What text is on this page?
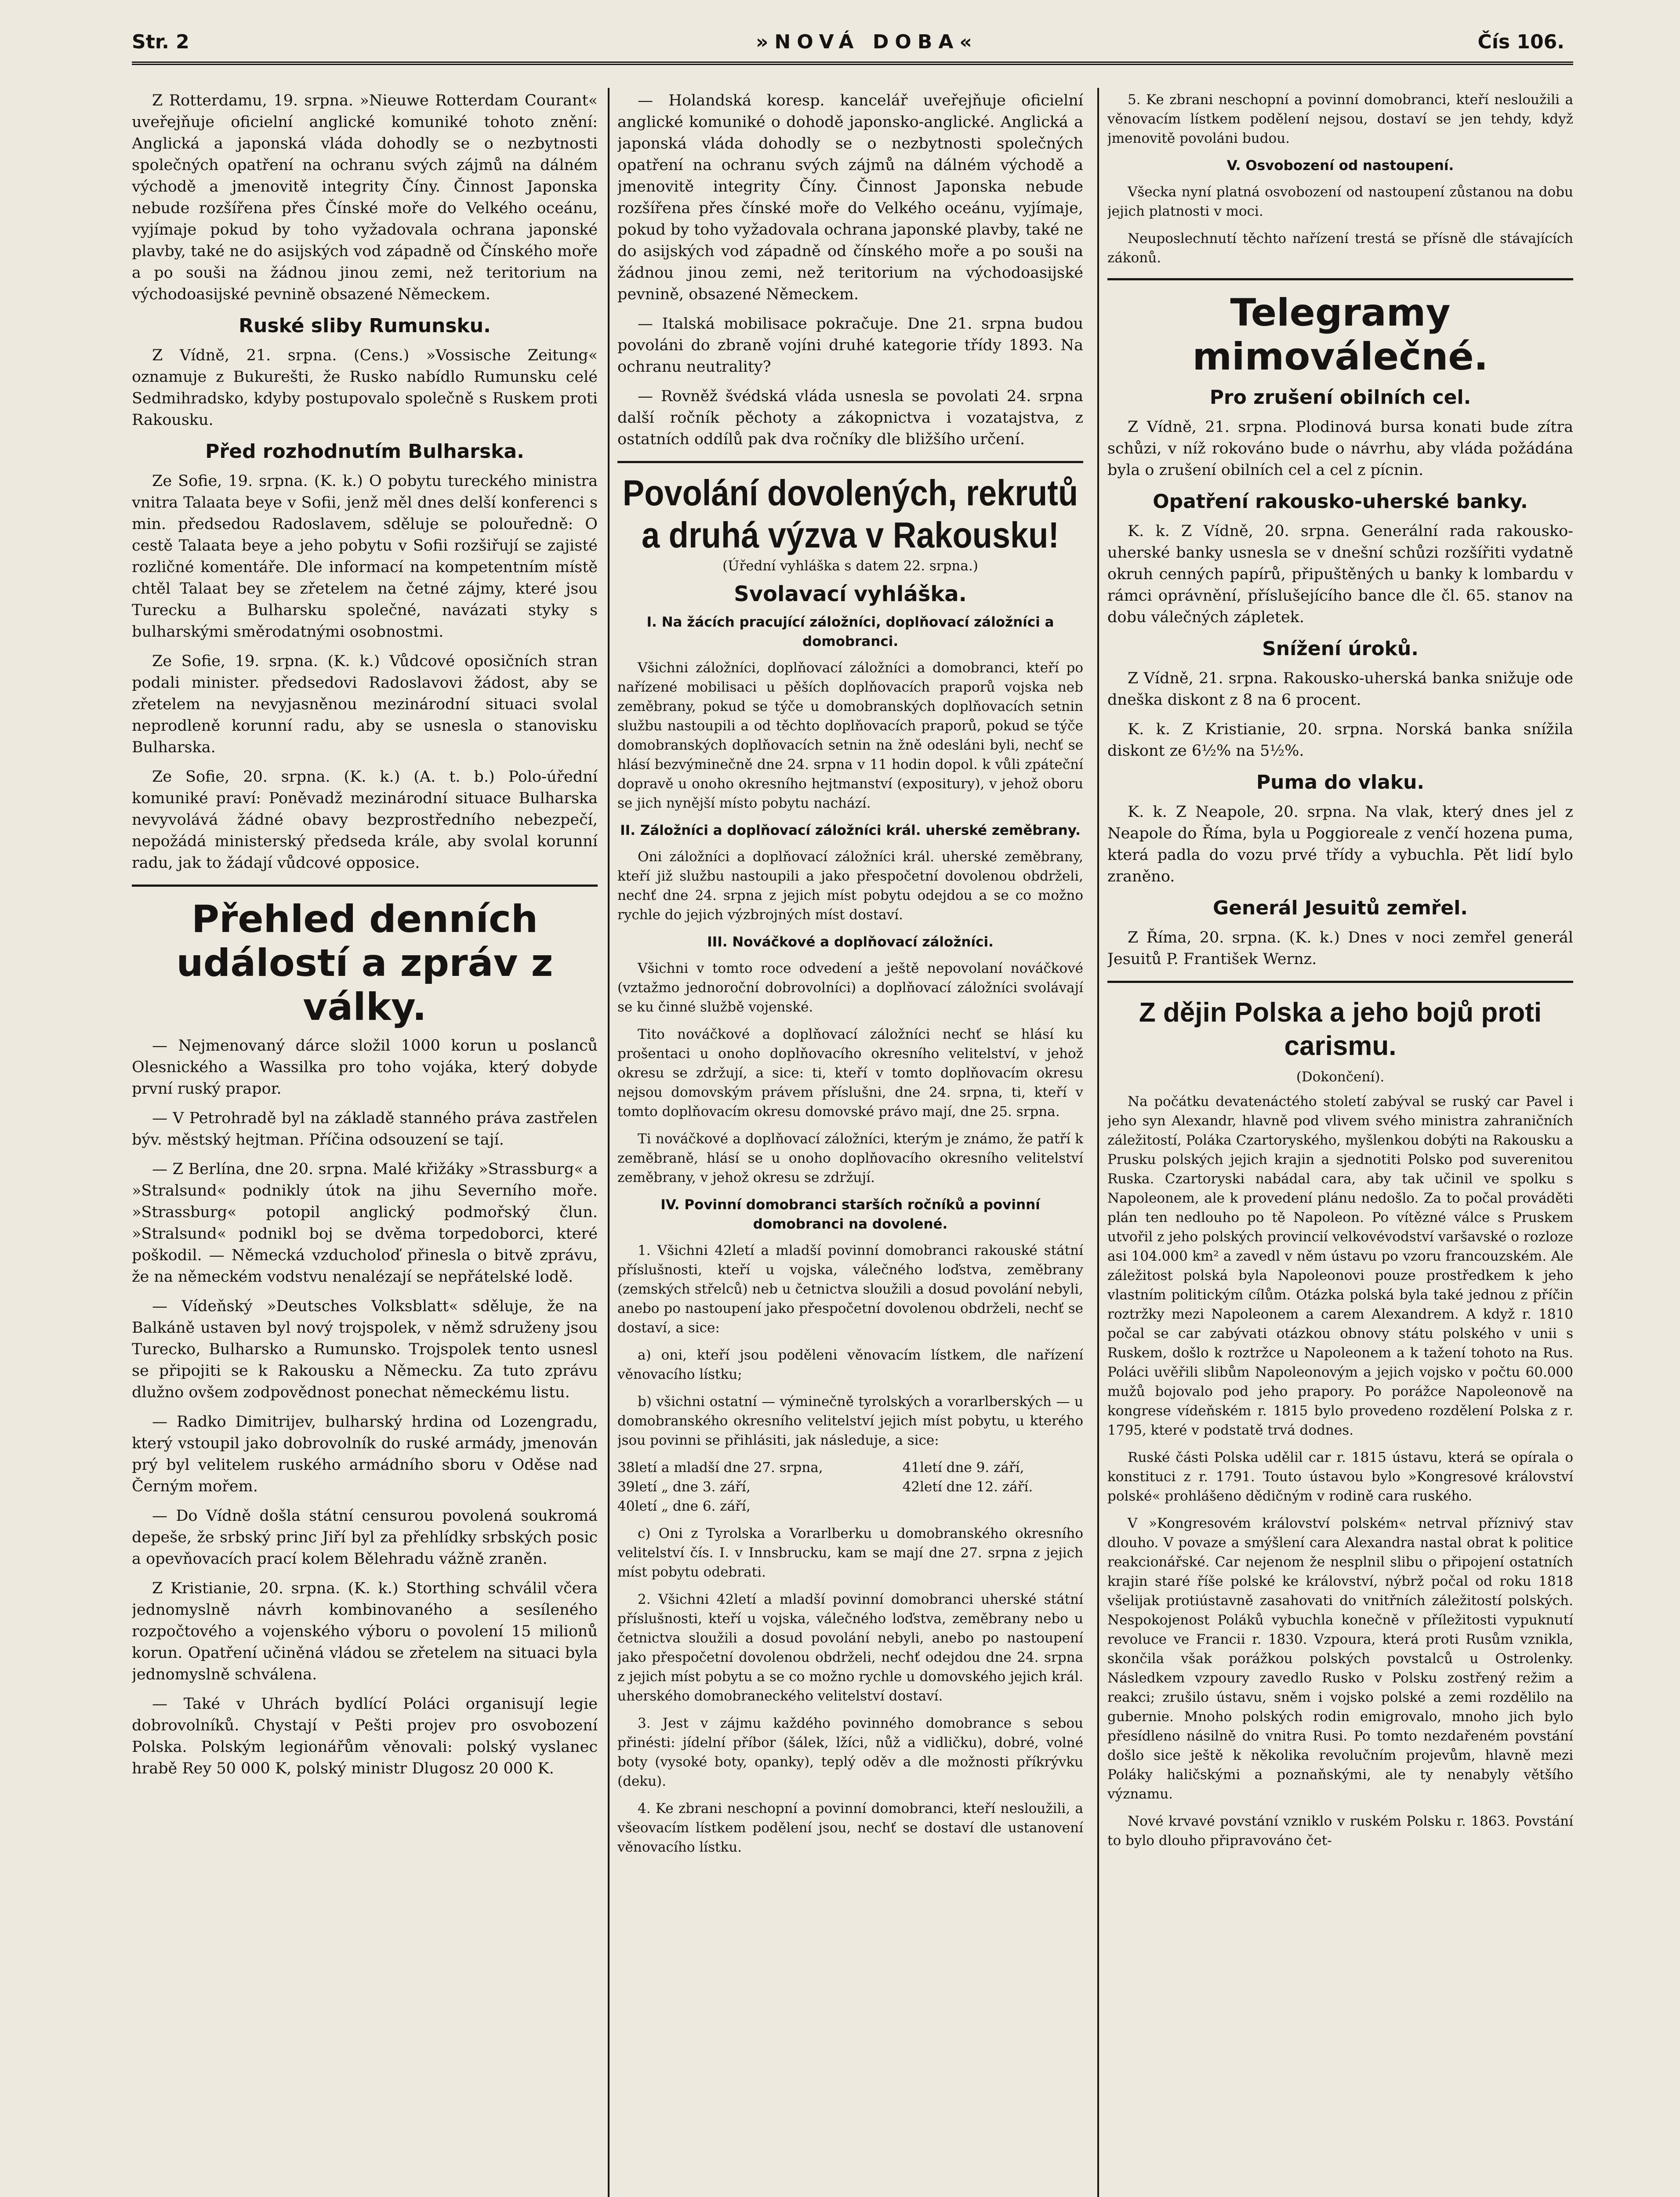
Str. 2	»NOVÁ DOBA«	Čís 106.

Z Rotterdamu, 19. srpna. »Nieuwe Rotterdam Courant« uveřejňuje oficielní anglické komuniké tohoto znění: Anglická a japonská vláda dohodly se o nezbytnosti společných opatření na ochranu svých zájmů na dálném východě a jmenovitě integrity Číny. Činnost Japonska nebude rozšířena přes Čínské moře do Velkého oceánu, vyjímaje pokud by toho vyžadovala ochrana japonské plavby, také ne do asijských vod západně od Čínského moře a po souši na žádnou jinou zemi, než teritorium na východoasijské pevnině obsazené Německem.

Ruské sliby Rumunsku.

Z Vídně, 21. srpna. (Cens.) »Vossische Zeitung« oznamuje z Bukurešti, že Rusko nabídlo Rumunsku celé Sedmihradsko, kdyby postupovalo společně s Ruskem proti Rakousku.

Před rozhodnutím Bulharska.

Ze Sofie, 19. srpna. (K. k.) O pobytu tureckého ministra vnitra Talaata beye v Sofii, jenž měl dnes delší konferenci s min. předsedou Radoslavem, sděluje se polouředně: O cestě Talaata beye a jeho pobytu v Sofii rozšiřují se zajisté rozličné komentáře. Dle informací na kompetentním místě chtěl Talaat bey se zřetelem na četné zájmy, které jsou Turecku a Bulharsku společné, navázati styky s bulharskými směrodatnými osobnostmi.

Ze Sofie, 19. srpna. (K. k.) Vůdcové oposičních stran podali minister. předsedovi Radoslavovi žádost, aby se zřetelem na nevyjasněnou mezinárodní situaci svolal neprodleně korunní radu, aby se usnesla o stanovisku Bulharska.

Ze Sofie, 20. srpna. (K. k.) (A. t. b.) Polo-úřední komuniké praví: Poněvadž mezinárodní situace Bulharska nevyvolává žádné obavy bezprostředního nebezpečí, nepožádá ministerský předseda krále, aby svolal korunní radu, jak to žádají vůdcové opposice.

Přehled denních událostí a zpráv z války.

— Nejmenovaný dárce složil 1000 korun u poslanců Olesnického a Wassilka pro toho vojáka, který dobyde první ruský prapor.

— V Petrohradě byl na základě stanného práva zastřelen býv. městský hejtman. Příčina odsouzení se tají.

— Z Berlína, dne 20. srpna. Malé křižáky »Strassburg« a »Stralsund« podnikly útok na jihu Severního moře. »Strassburg« potopil anglický podmořský člun. »Stralsund« podnikl boj se dvěma torpedoborci, které poškodil. — Německá vzducholoď přinesla o bitvě zprávu, že na německém vodstvu nenalézají se nepřátelské lodě.

— Vídeňský »Deutsches Volksblatt« sděluje, že na Balkáně ustaven byl nový trojspolek, v němž sdruženy jsou Turecko, Bulharsko a Rumunsko. Trojspolek tento usnesl se připojiti se k Rakousku a Německu. Za tuto zprávu dlužno ovšem zodpovědnost ponechat německému listu.

— Radko Dimitrijev, bulharský hrdina od Lozengradu, který vstoupil jako dobrovolník do ruské armády, jmenován prý byl velitelem ruského armádního sboru v Oděse nad Černým mořem.

— Do Vídně došla státní censurou povolená soukromá depeše, že srbský princ Jiří byl za přehlídky srbských posic a opevňovacích prací kolem Bělehradu vážně zraněn.

Z Kristianie, 20. srpna. (K. k.) Storthing schválil včera jednomyslně návrh kombinovaného a sesíleného rozpočtového a vojenského výboru o povolení 15 milionů korun. Opatření učiněná vládou se zřetelem na situaci byla jednomyslně schválena.

— Také v Uhrách bydlící Poláci organisují legie dobrovolníků. Chystají v Pešti projev pro osvobození Polska. Polským legionářům věnovali: polský vyslanec hrabě Rey 50 000 K, polský ministr Dlugosz 20 000 K.

— Holandská koresp. kancelář uveřejňuje oficielní anglické komuniké o dohodě japonsko-anglické. Anglická a japonská vláda dohodly se o nezbytnosti společných opatření na ochranu svých zájmů na dálném východě a jmenovitě integrity Číny. Činnost Japonska nebude rozšířena přes čínské moře do Velkého oceánu, vyjímaje, pokud by toho vyžadovala ochrana japonské plavby, také ne do asijských vod západně od čínského moře a po souši na žádnou jinou zemi, než teritorium na východoasijské pevnině, obsazené Německem.

— Italská mobilisace pokračuje. Dne 21. srpna budou povoláni do zbraně vojíni druhé kategorie třídy 1893. Na ochranu neutrality?

— Rovněž švédská vláda usnesla se povolati 24. srpna další ročník pěchoty a zákopnictva i vozatajstva, z ostatních oddílů pak dva ročníky dle bližšího určení.

Povolání dovolených, rekrutů a druhá výzva v Rakousku!
(Úřední vyhláška s datem 22. srpna.)
Svolavací vyhláška.
I. Na žácích pracující záložníci, doplňovací záložníci a domobranci.

Všichni záložníci, doplňovací záložníci a domobranci, kteří po nařízené mobilisaci u pěších doplňovacích praporů vojska neb zeměbrany, pokud se týče u domobranských doplňovacích setnin službu nastoupili a od těchto doplňovacích praporů, pokud se týče domobranských doplňovacích setnin na žně odesláni byli, nechť se hlásí bezvýminečně dne 24. srpna v 11 hodin dopol. k vůli zpáteční dopravě u onoho okresního hejtmanství (expositury), v jehož oboru se jich nynější místo pobytu nachází.

II. Záložníci a doplňovací záložníci král. uherské zeměbrany.

Oni záložníci a doplňovací záložníci král. uherské zeměbrany, kteří již službu nastoupili a jako přespočetní dovolenou obdrželi, nechť dne 24. srpna z jejich míst pobytu odejdou a se co možno rychle do jejich výzbrojných míst dostaví.

III. Nováčkové a doplňovací záložníci.

Všichni v tomto roce odvedení a ještě nepovolaní nováčkové (vztažmo jednoroční dobrovolníci) a doplňovací záložníci svolávají se ku činné službě vojenské.

Tito nováčkové a doplňovací záložníci nechť se hlásí ku prošentaci u onoho doplňovacího okresního velitelství, v jehož okresu se zdržují, a sice: ti, kteří v tomto doplňovacím okresu nejsou domovským právem příslušni, dne 24. srpna, ti, kteří v tomto doplňovacím okresu domovské právo mají, dne 25. srpna.

Ti nováčkové a doplňovací záložníci, kterým je známo, že patří k zeměbraně, hlásí se u onoho doplňovacího okresního velitelství zeměbrany, v jehož okresu se zdržují.

IV. Povinní domobranci starších ročníků a povinní domobranci na dovolené.

1. Všichni 42letí a mladší povinní domobranci rakouské státní příslušnosti, kteří u vojska, válečného loďstva, zeměbrany (zemských střelců) neb u četnictva sloužili a dosud povolání nebyli, anebo po nastoupení jako přespočetní dovolenou obdrželi, nechť se dostaví, a sice:

a) oni, kteří jsou poděleni věnovacím lístkem, dle nařízení věnovacího lístku;

b) všichni ostatní — výminečně tyrolských a vorarlberských — u domobranského okresního velitelství jejich míst pobytu, u kterého jsou povinni se přihlásiti, jak následuje, a sice:

38letí a mladší dne 27. srpna,	41letí dne 9. září,
39letí „ dne 3. září,	42letí dne 12. září.
40letí „ dne 6. září,	

c) Oni z Tyrolska a Vorarlberku u domobranského okresního velitelství čís. I. v Innsbrucku, kam se mají dne 27. srpna z jejich míst pobytu odebrati.

2. Všichni 42letí a mladší povinní domobranci uherské státní příslušnosti, kteří u vojska, válečného loďstva, zeměbrany nebo u četnictva sloužili a dosud povolání nebyli, anebo po nastoupení jako přespočetní dovolenou obdrželi, nechť odejdou dne 24. srpna z jejich míst pobytu a se co možno rychle u domovského jejich král. uherského domobraneckého velitelství dostaví.

3. Jest v zájmu každého povinného domobrance s sebou přinésti: jídelní příbor (šálek, lžíci, nůž a vidličku), dobré, volné boty (vysoké boty, opanky), teplý oděv a dle možnosti příkrývku (deku).

4. Ke zbrani neschopní a povinní domobranci, kteří nesloužili, a všeovacím lístkem podělení jsou, nechť se dostaví dle ustanovení věnovacího lístku.

5. Ke zbrani neschopní a povinní domobranci, kteří nesloužili a věnovacím lístkem podělení nejsou, dostaví se jen tehdy, když jmenovitě povoláni budou.

V. Osvobození od nastoupení.

Všecka nyní platná osvobození od nastoupení zůstanou na dobu jejich platnosti v moci.

Neuposlechnutí těchto nařízení trestá se přísně dle stávajících zákonů.

Telegramy mimoválečné.
Pro zrušení obilních cel.

Z Vídně, 21. srpna. Plodinová bursa konati bude zítra schůzi, v níž rokováno bude o návrhu, aby vláda požádána byla o zrušení obilních cel a cel z pícnin.

Opatření rakousko-uherské banky.

K. k. Z Vídně, 20. srpna. Generální rada rakousko-uherské banky usnesla se v dnešní schůzi rozšířiti vydatně okruh cenných papírů, připuštěných u banky k lombardu v rámci oprávnění, příslušejícího bance dle čl. 65. stanov na dobu válečných zápletek.

Snížení úroků.

Z Vídně, 21. srpna. Rakousko-uherská banka snižuje ode dneška diskont z 8 na 6 procent.

K. k. Z Kristianie, 20. srpna. Norská banka snížila diskont ze 6½% na 5½%.

Puma do vlaku.

K. k. Z Neapole, 20. srpna. Na vlak, který dnes jel z Neapole do Říma, byla u Poggioreale z venčí hozena puma, která padla do vozu prvé třídy a vybuchla. Pět lidí bylo zraněno.

Generál Jesuitů zemřel.

Z Říma, 20. srpna. (K. k.) Dnes v noci zemřel generál Jesuitů P. František Wernz.

Z dějin Polska a jeho bojů proti carismu.
(Dokončení).

Na počátku devatenáctého století zabýval se ruský car Pavel i jeho syn Alexandr, hlavně pod vlivem svého ministra zahraničních záležitostí, Poláka Czartoryského, myšlenkou dobýti na Rakousku a Prusku polských jejich krajin a sjednotiti Polsko pod suverenitou Ruska. Czartoryski nabádal cara, aby tak učinil ve spolku s Napoleonem, ale k provedení plánu nedošlo. Za to počal prováděti plán ten nedlouho po tě Napoleon. Po vítězné válce s Pruskem utvořil z jeho polských provincií velkovévodství varšavské o rozloze asi 104.000 km² a zavedl v něm ústavu po vzoru francouzském. Ale záležitost polská byla Napoleonovi pouze prostředkem k jeho vlastním politickým cílům. Otázka polská byla také jednou z příčin roztržky mezi Napoleonem a carem Alexandrem. A když r. 1810 počal se car zabývati otázkou obnovy státu polského v unii s Ruskem, došlo k roztržce u Napoleonem a k tažení tohoto na Rus. Poláci uvěřili slibům Napoleonovým a jejich vojsko v počtu 60.000 mužů bojovalo pod jeho prapory. Po porážce Napoleonově na kongrese vídeňském r. 1815 bylo provedeno rozdělení Polska z r. 1795, které v podstatě trvá dodnes.

Ruské části Polska udělil car r. 1815 ústavu, která se opírala o konstituci z r. 1791. Touto ústavou bylo »Kongresové království polské« prohlášeno dědičným v rodině cara ruského.

V »Kongresovém království polském« netrval příznivý stav dlouho. V povaze a smýšlení cara Alexandra nastal obrat k politice reakcionářské. Car nejenom že nesplnil slibu o připojení ostatních krajin staré říše polské ke království, nýbrž počal od roku 1818 všelijak protiústavně zasahovati do vnitřních záležitostí polských. Nespokojenost Poláků vybuchla konečně v příležitosti vypuknutí revoluce ve Francii r. 1830. Vzpoura, která proti Rusům vznikla, skončila však porážkou polských povstalců u Ostrolenky. Následkem vzpoury zavedlo Rusko v Polsku zostřený režim a reakci; zrušilo ústavu, sněm i vojsko polské a zemi rozdělilo na gubernie. Mnoho polských rodin emigrovalo, mnoho jich bylo přesídleno násilně do vnitra Rusi. Po tomto nezdařeném povstání došlo sice ještě k několika revolučním projevům, hlavně mezi Poláky haličskými a poznaňskými, ale ty nenabyly většího významu.

Nové krvavé povstání vzniklo v ruském Polsku r. 1863. Povstání to bylo dlouho připravováno čet-
